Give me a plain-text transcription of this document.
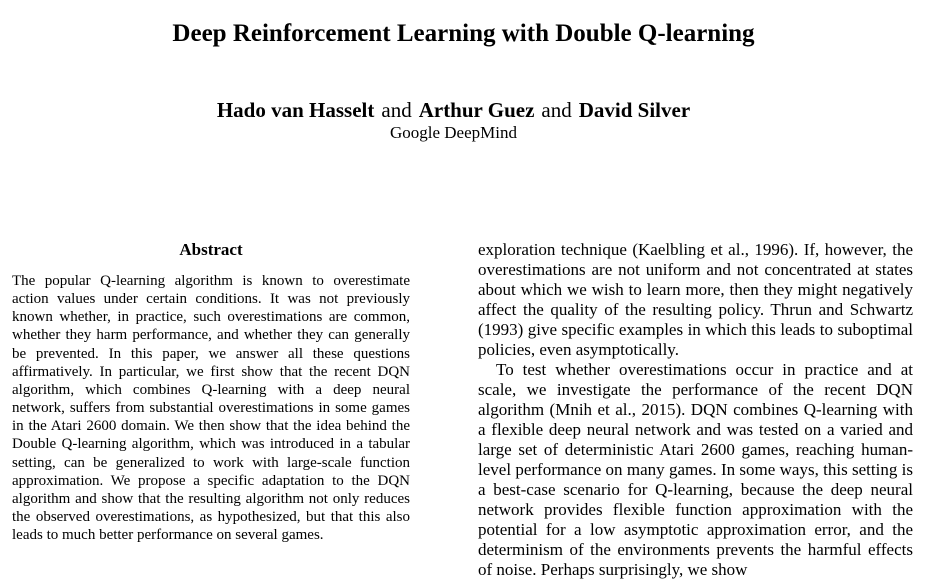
Deep Reinforcement Learning with Double Q-learning
Hado van Hasselt and Arthur Guez and David Silver
Google DeepMind
Abstract

The popular Q-learning algorithm is known to overestimate action values under certain conditions. It was not previously known whether, in practice, such overestimations are common, whether they harm performance, and whether they can generally be prevented. In this paper, we answer all these questions affirmatively. In particular, we first show that the recent DQN algorithm, which combines Q-learning with a deep neural network, suffers from substantial overestimations in some games in the Atari 2600 domain. We then show that the idea behind the Double Q-learning algorithm, which was introduced in a tabular setting, can be generalized to work with large-scale function approximation. We propose a specific adaptation to the DQN algorithm and show that the resulting algorithm not only reduces the observed overestimations, as hypothesized, but that this also leads to much better performance on several games.

exploration technique (Kaelbling et al., 1996). If, however, the overestimations are not uniform and not concentrated at states about which we wish to learn more, then they might negatively affect the quality of the resulting policy. Thrun and Schwartz (1993) give specific examples in which this leads to suboptimal policies, even asymptotically.

To test whether overestimations occur in practice and at scale, we investigate the performance of the recent DQN algorithm (Mnih et al., 2015). DQN combines Q-learning with a flexible deep neural network and was tested on a varied and large set of deterministic Atari 2600 games, reaching human-level performance on many games. In some ways, this setting is a best-case scenario for Q-learning, because the deep neural network provides flexible function approximation with the potential for a low asymptotic approximation error, and the determinism of the environments prevents the harmful effects of noise. Perhaps surprisingly, we show
